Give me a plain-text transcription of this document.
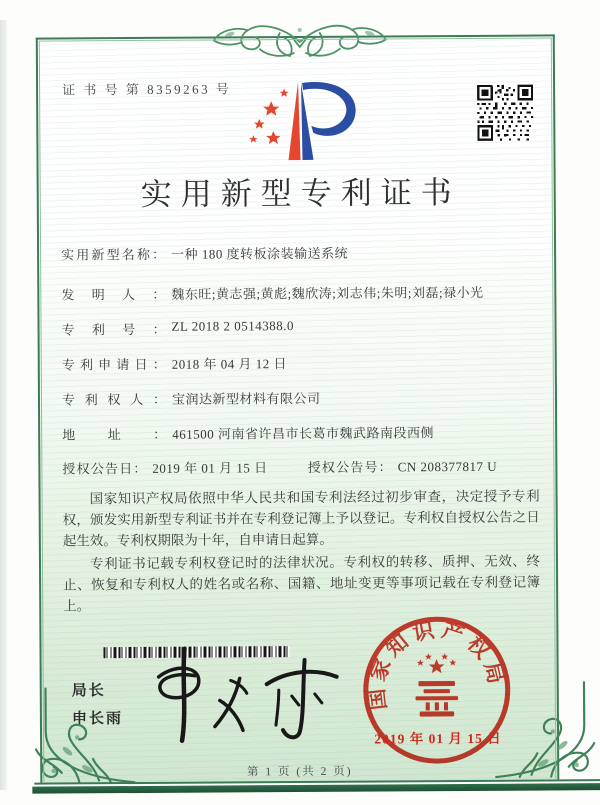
证 书 号 第 8359263 号
实用新型专利证书
实用新型名称： 一种 180 度转板涂装输送系统
发明人： 魏东旺;黄志强;黄彪;魏欣涛;刘志伟;朱明;刘磊;禄小光
专利号： ZL 2018 2 0514388.0
专利申请日： 2018 年 04 月 12 日
专利权人： 宝润达新型材料有限公司
地址： 461500 河南省许昌市长葛市魏武路南段西侧
授权公告日： 2019 年 01 月 15 日	授权公告号： CN 208377817 U

国家知识产权局依照中华人民共和国专利法经过初步审查，决定授予专利权，颁发实用新型专利证书并在专利登记簿上予以登记。专利权自授权公告之日起生效。专利权期限为十年，自申请日起算。

专利证书记载专利权登记时的法律状况。专利权的转移、质押、无效、终止、恢复和专利权人的姓名或名称、国籍、地址变更等事项记载在专利登记簿上。

局长
申长雨
国家知识产权局
2019 年 01 月 15 日
第 1 页 (共 2 页)
